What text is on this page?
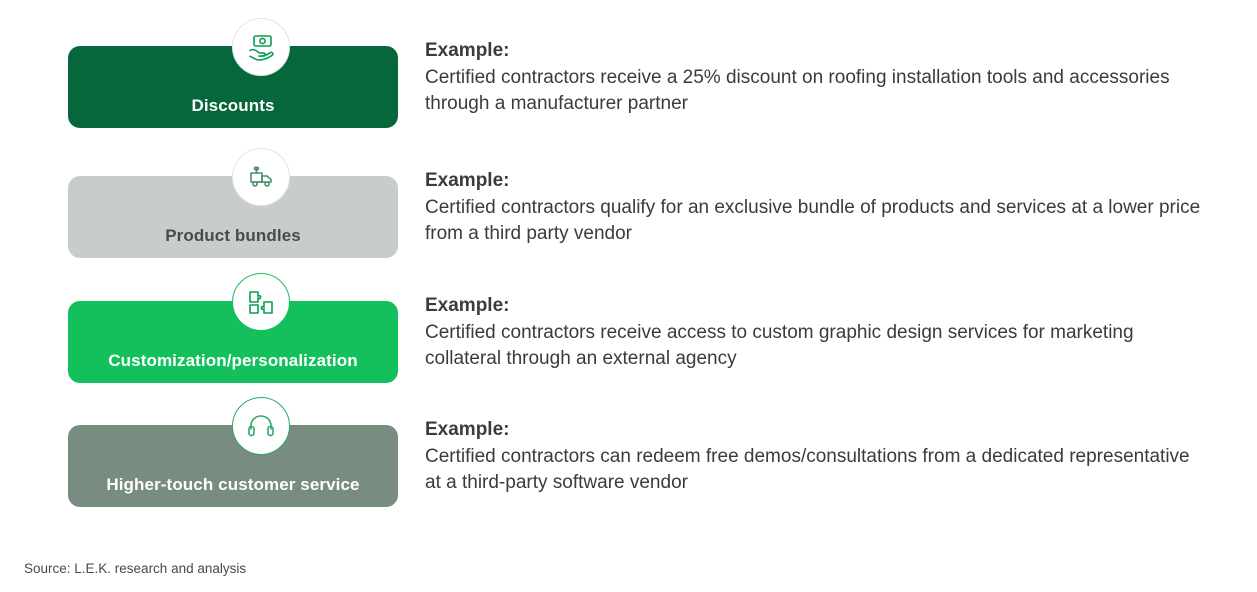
Discounts
Example:
Certified contractors receive a 25% discount on roofing installation tools and accessories through a manufacturer partner
Product bundles
Example:
Certified contractors qualify for an exclusive bundle of products and services at a lower price from a third party vendor
Customization/personalization
Example:
Certified contractors receive access to custom graphic design services for marketing collateral through an external agency
Higher-touch customer service
Example:
Certified contractors can redeem free demos/consultations from a dedicated representative at a third-party software vendor
Source: L.E.K. research and analysis
